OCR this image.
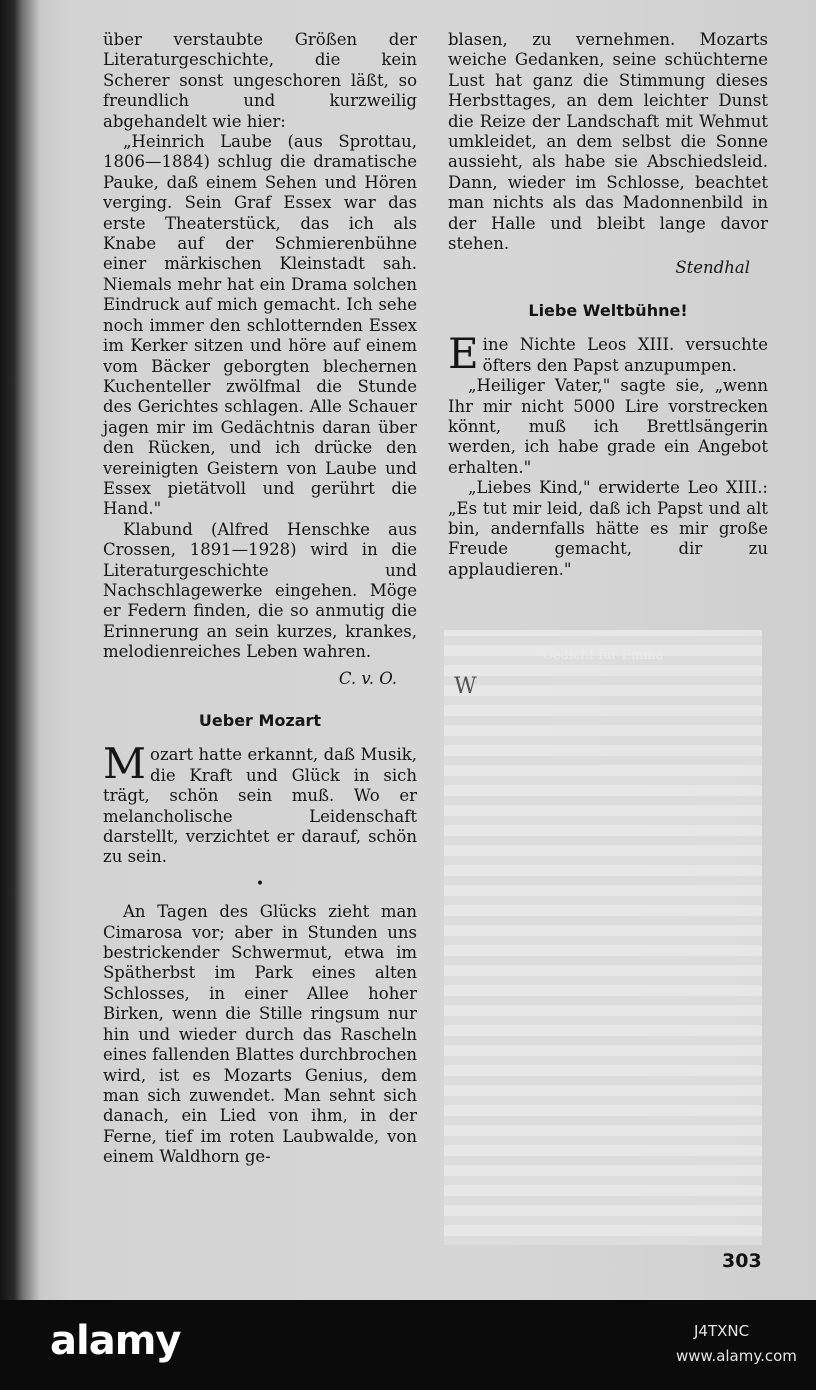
über verstaubte Größen der Literaturgeschichte, die kein Scherer sonst ungeschoren läßt, so freundlich und kurzweilig abgehandelt wie hier:

„Heinrich Laube (aus Sprottau, 1806—1884) schlug die dramatische Pauke, daß einem Sehen und Hören verging. Sein Graf Essex war das erste Theaterstück, das ich als Knabe auf der Schmierenbühne einer märkischen Kleinstadt sah. Niemals mehr hat ein Drama solchen Eindruck auf mich gemacht. Ich sehe noch immer den schlotternden Essex im Kerker sitzen und höre auf einem vom Bäcker geborgten blechernen Kuchenteller zwölfmal die Stunde des Gerichtes schlagen. Alle Schauer jagen mir im Gedächtnis daran über den Rücken, und ich drücke den vereinigten Geistern von Laube und Essex pietätvoll und gerührt die Hand."

Klabund (Alfred Henschke aus Crossen, 1891—1928) wird in die Literaturgeschichte und Nachschlagewerke eingehen. Möge er Federn finden, die so anmutig die Erinnerung an sein kurzes, krankes, melodienreiches Leben wahren.

C. v. O.

Ueber Mozart

M ozart hatte erkannt, daß Musik, die Kraft und Glück in sich trägt, schön sein muß. Wo er melancholische Leidenschaft darstellt, verzichtet er darauf, schön zu sein.

•

An Tagen des Glücks zieht man Cimarosa vor; aber in Stunden uns bestrickender Schwermut, etwa im Spätherbst im Park eines alten Schlosses, in einer Allee hoher Birken, wenn die Stille ringsum nur hin und wieder durch das Rascheln eines fallenden Blattes durchbrochen wird, ist es Mozarts Genius, dem man sich zuwendet. Man sehnt sich danach, ein Lied von ihm, in der Ferne, tief im roten Laubwalde, von einem Waldhorn ge-

blasen, zu vernehmen. Mozarts weiche Gedanken, seine schüchterne Lust hat ganz die Stimmung dieses Herbsttages, an dem leichter Dunst die Reize der Landschaft mit Wehmut umkleidet, an dem selbst die Sonne aussieht, als habe sie Abschiedsleid. Dann, wieder im Schlosse, beachtet man nichts als das Madonnenbild in der Halle und bleibt lange davor stehen.

Stendhal

Liebe Weltbühne!

E ine Nichte Leos XIII. versuchte öfters den Papst anzupumpen.

„Heiliger Vater," sagte sie, „wenn Ihr mir nicht 5000 Lire vorstrecken könnt, muß ich Brettlsängerin werden, ich habe grade ein Angebot erhalten."

„Liebes Kind," erwiderte Leo XIII.: „Es tut mir leid, daß ich Papst und alt bin, andernfalls hätte es mir große Freude gemacht, dir zu applaudieren."

Gedicht für Emma
W
303
alamy	J4TXNC
www.alamy.com
